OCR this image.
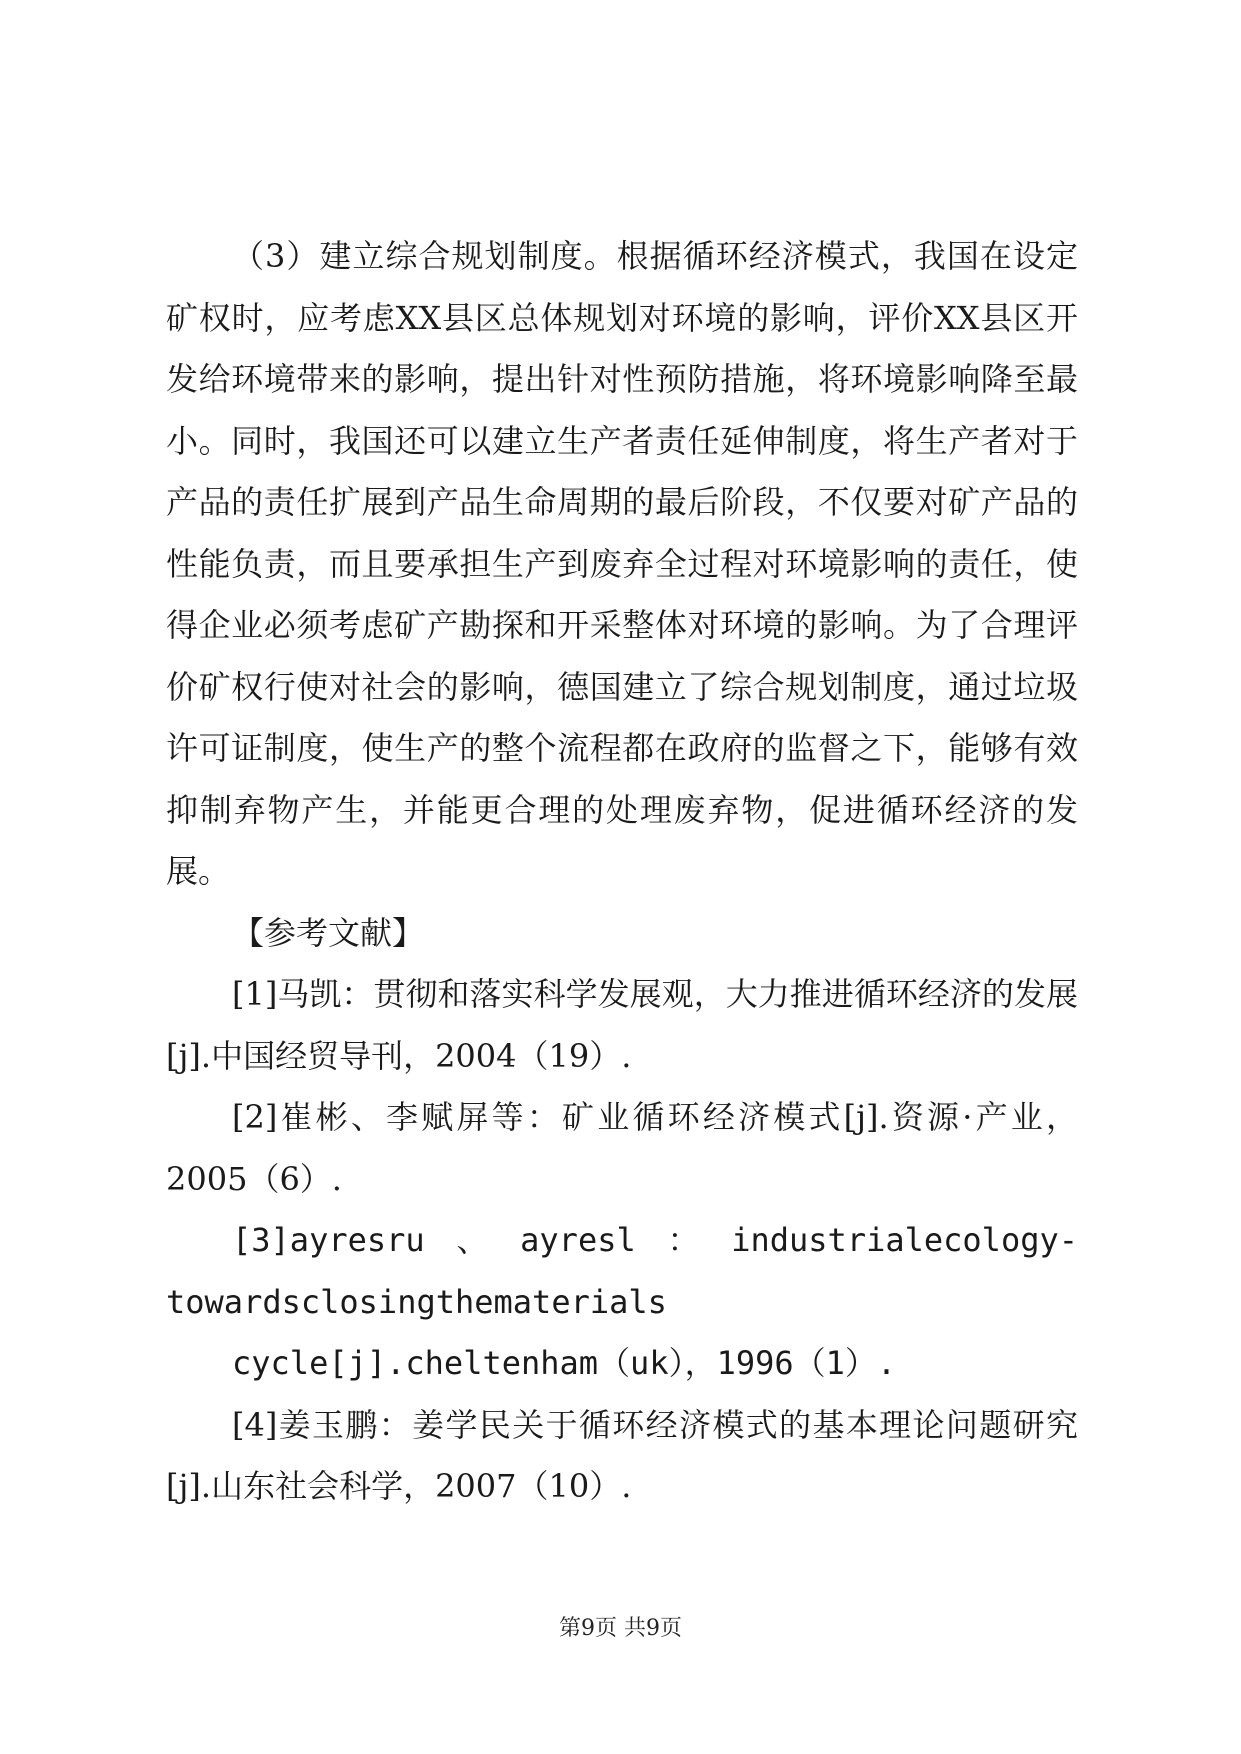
（3）建立综合规划制度。根据循环经济模式，我国在设定矿权时，应考虑XX县区总体规划对环境的影响，评价XX县区开发给环境带来的影响，提出针对性预防措施，将环境影响降至最小。同时，我国还可以建立生产者责任延伸制度，将生产者对于产品的责任扩展到产品生命周期的最后阶段，不仅要对矿产品的性能负责，而且要承担生产到废弃全过程对环境影响的责任，使得企业必须考虑矿产勘探和开采整体对环境的影响。为了合理评价矿权行使对社会的影响，德国建立了综合规划制度，通过垃圾许可证制度，使生产的整个流程都在政府的监督之下，能够有效抑制弃物产生，并能更合理的处理废弃物，促进循环经济的发展。

【参考文献】

[1]马凯：贯彻和落实科学发展观，大力推进循环经济的发展[j].中国经贸导刊，2004（19）.

[2]崔彬、李赋屏等：矿业循环经济模式[j].资源·产业，2005（6）.

[3]ayresru 、 ayresl ： industrialecology-
towardsclosingthematerials
cycle[j].cheltenham（uk），1996（1）.

[4]姜玉鹏：姜学民关于循环经济模式的基本理论问题研究[j].山东社会科学，2007（10）.

第9页 共9页
